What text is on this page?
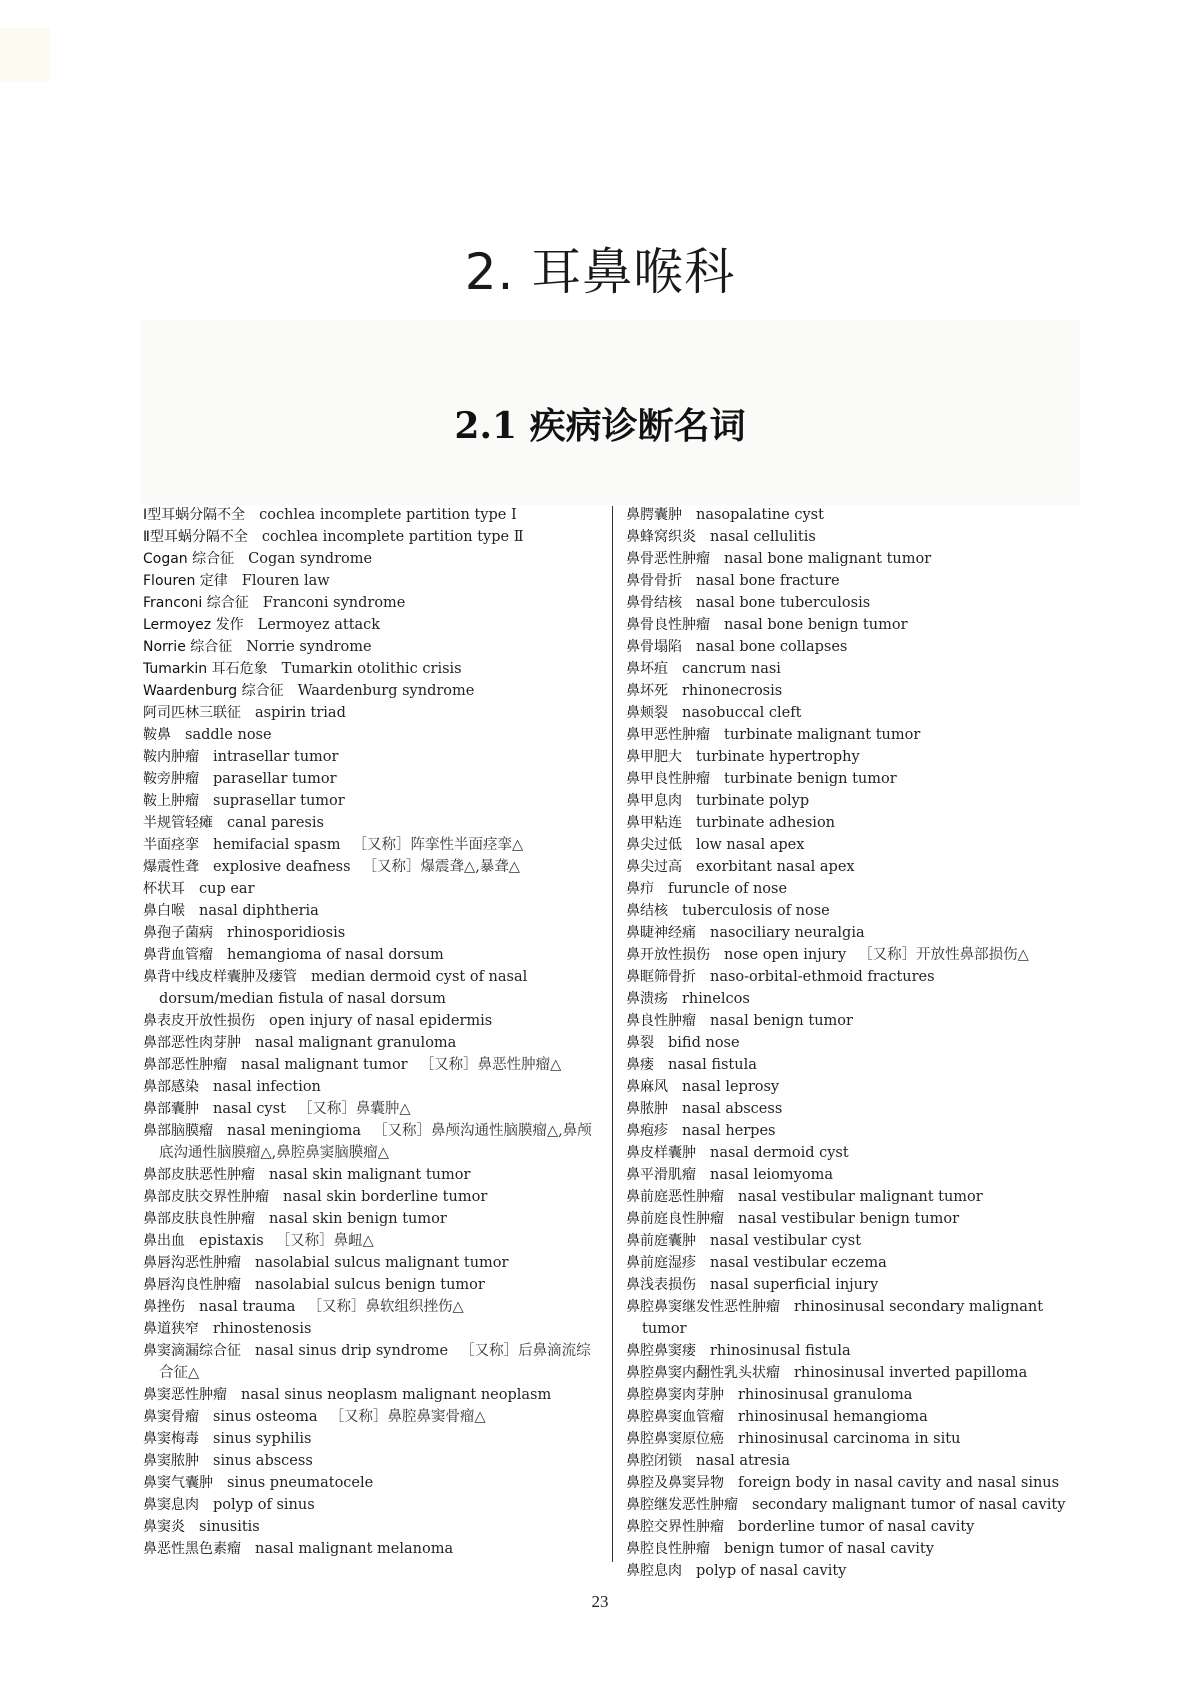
2. 耳鼻喉科
2.1 疾病诊断名词
Ⅰ型耳蜗分隔不全 cochlea incomplete partition type Ⅰ
Ⅱ型耳蜗分隔不全 cochlea incomplete partition type Ⅱ
Cogan 综合征 Cogan syndrome
Flouren 定律 Flouren law
Franconi 综合征 Franconi syndrome
Lermoyez 发作 Lermoyez attack
Norrie 综合征 Norrie syndrome
Tumarkin 耳石危象 Tumarkin otolithic crisis
Waardenburg 综合征 Waardenburg syndrome
阿司匹林三联征 aspirin triad
鞍鼻 saddle nose
鞍内肿瘤 intrasellar tumor
鞍旁肿瘤 parasellar tumor
鞍上肿瘤 suprasellar tumor
半规管轻瘫 canal paresis
半面痉挛 hemifacial spasm ［又称］阵挛性半面痉挛△
爆震性聋 explosive deafness ［又称］爆震聋△,暴聋△
杯状耳 cup ear
鼻白喉 nasal diphtheria
鼻孢子菌病 rhinosporidiosis
鼻背血管瘤 hemangioma of nasal dorsum
鼻背中线皮样囊肿及瘘管 median dermoid cyst of nasal dorsum/median fistula of nasal dorsum
鼻表皮开放性损伤 open injury of nasal epidermis
鼻部恶性肉芽肿 nasal malignant granuloma
鼻部恶性肿瘤 nasal malignant tumor ［又称］鼻恶性肿瘤△
鼻部感染 nasal infection
鼻部囊肿 nasal cyst ［又称］鼻囊肿△
鼻部脑膜瘤 nasal meningioma ［又称］鼻颅沟通性脑膜瘤△,鼻颅底沟通性脑膜瘤△,鼻腔鼻窦脑膜瘤△
鼻部皮肤恶性肿瘤 nasal skin malignant tumor
鼻部皮肤交界性肿瘤 nasal skin borderline tumor
鼻部皮肤良性肿瘤 nasal skin benign tumor
鼻出血 epistaxis ［又称］鼻衄△
鼻唇沟恶性肿瘤 nasolabial sulcus malignant tumor
鼻唇沟良性肿瘤 nasolabial sulcus benign tumor
鼻挫伤 nasal trauma ［又称］鼻软组织挫伤△
鼻道狭窄 rhinostenosis
鼻窦滴漏综合征 nasal sinus drip syndrome ［又称］后鼻滴流综合征△
鼻窦恶性肿瘤 nasal sinus neoplasm malignant neoplasm
鼻窦骨瘤 sinus osteoma ［又称］鼻腔鼻窦骨瘤△
鼻窦梅毒 sinus syphilis
鼻窦脓肿 sinus abscess
鼻窦气囊肿 sinus pneumatocele
鼻窦息肉 polyp of sinus
鼻窦炎 sinusitis
鼻恶性黑色素瘤 nasal malignant melanoma
鼻腭囊肿 nasopalatine cyst
鼻蜂窝织炎 nasal cellulitis
鼻骨恶性肿瘤 nasal bone malignant tumor
鼻骨骨折 nasal bone fracture
鼻骨结核 nasal bone tuberculosis
鼻骨良性肿瘤 nasal bone benign tumor
鼻骨塌陷 nasal bone collapses
鼻坏疽 cancrum nasi
鼻坏死 rhinonecrosis
鼻颊裂 nasobuccal cleft
鼻甲恶性肿瘤 turbinate malignant tumor
鼻甲肥大 turbinate hypertrophy
鼻甲良性肿瘤 turbinate benign tumor
鼻甲息肉 turbinate polyp
鼻甲粘连 turbinate adhesion
鼻尖过低 low nasal apex
鼻尖过高 exorbitant nasal apex
鼻疖 furuncle of nose
鼻结核 tuberculosis of nose
鼻睫神经痛 nasociliary neuralgia
鼻开放性损伤 nose open injury ［又称］开放性鼻部损伤△
鼻眶筛骨折 naso-orbital-ethmoid fractures
鼻溃疡 rhinelcos
鼻良性肿瘤 nasal benign tumor
鼻裂 bifid nose
鼻瘘 nasal fistula
鼻麻风 nasal leprosy
鼻脓肿 nasal abscess
鼻疱疹 nasal herpes
鼻皮样囊肿 nasal dermoid cyst
鼻平滑肌瘤 nasal leiomyoma
鼻前庭恶性肿瘤 nasal vestibular malignant tumor
鼻前庭良性肿瘤 nasal vestibular benign tumor
鼻前庭囊肿 nasal vestibular cyst
鼻前庭湿疹 nasal vestibular eczema
鼻浅表损伤 nasal superficial injury
鼻腔鼻窦继发性恶性肿瘤 rhinosinusal secondary malignant tumor
鼻腔鼻窦瘘 rhinosinusal fistula
鼻腔鼻窦内翻性乳头状瘤 rhinosinusal inverted papilloma
鼻腔鼻窦肉芽肿 rhinosinusal granuloma
鼻腔鼻窦血管瘤 rhinosinusal hemangioma
鼻腔鼻窦原位癌 rhinosinusal carcinoma in situ
鼻腔闭锁 nasal atresia
鼻腔及鼻窦异物 foreign body in nasal cavity and nasal sinus
鼻腔继发恶性肿瘤 secondary malignant tumor of nasal cavity
鼻腔交界性肿瘤 borderline tumor of nasal cavity
鼻腔良性肿瘤 benign tumor of nasal cavity
鼻腔息肉 polyp of nasal cavity
23
